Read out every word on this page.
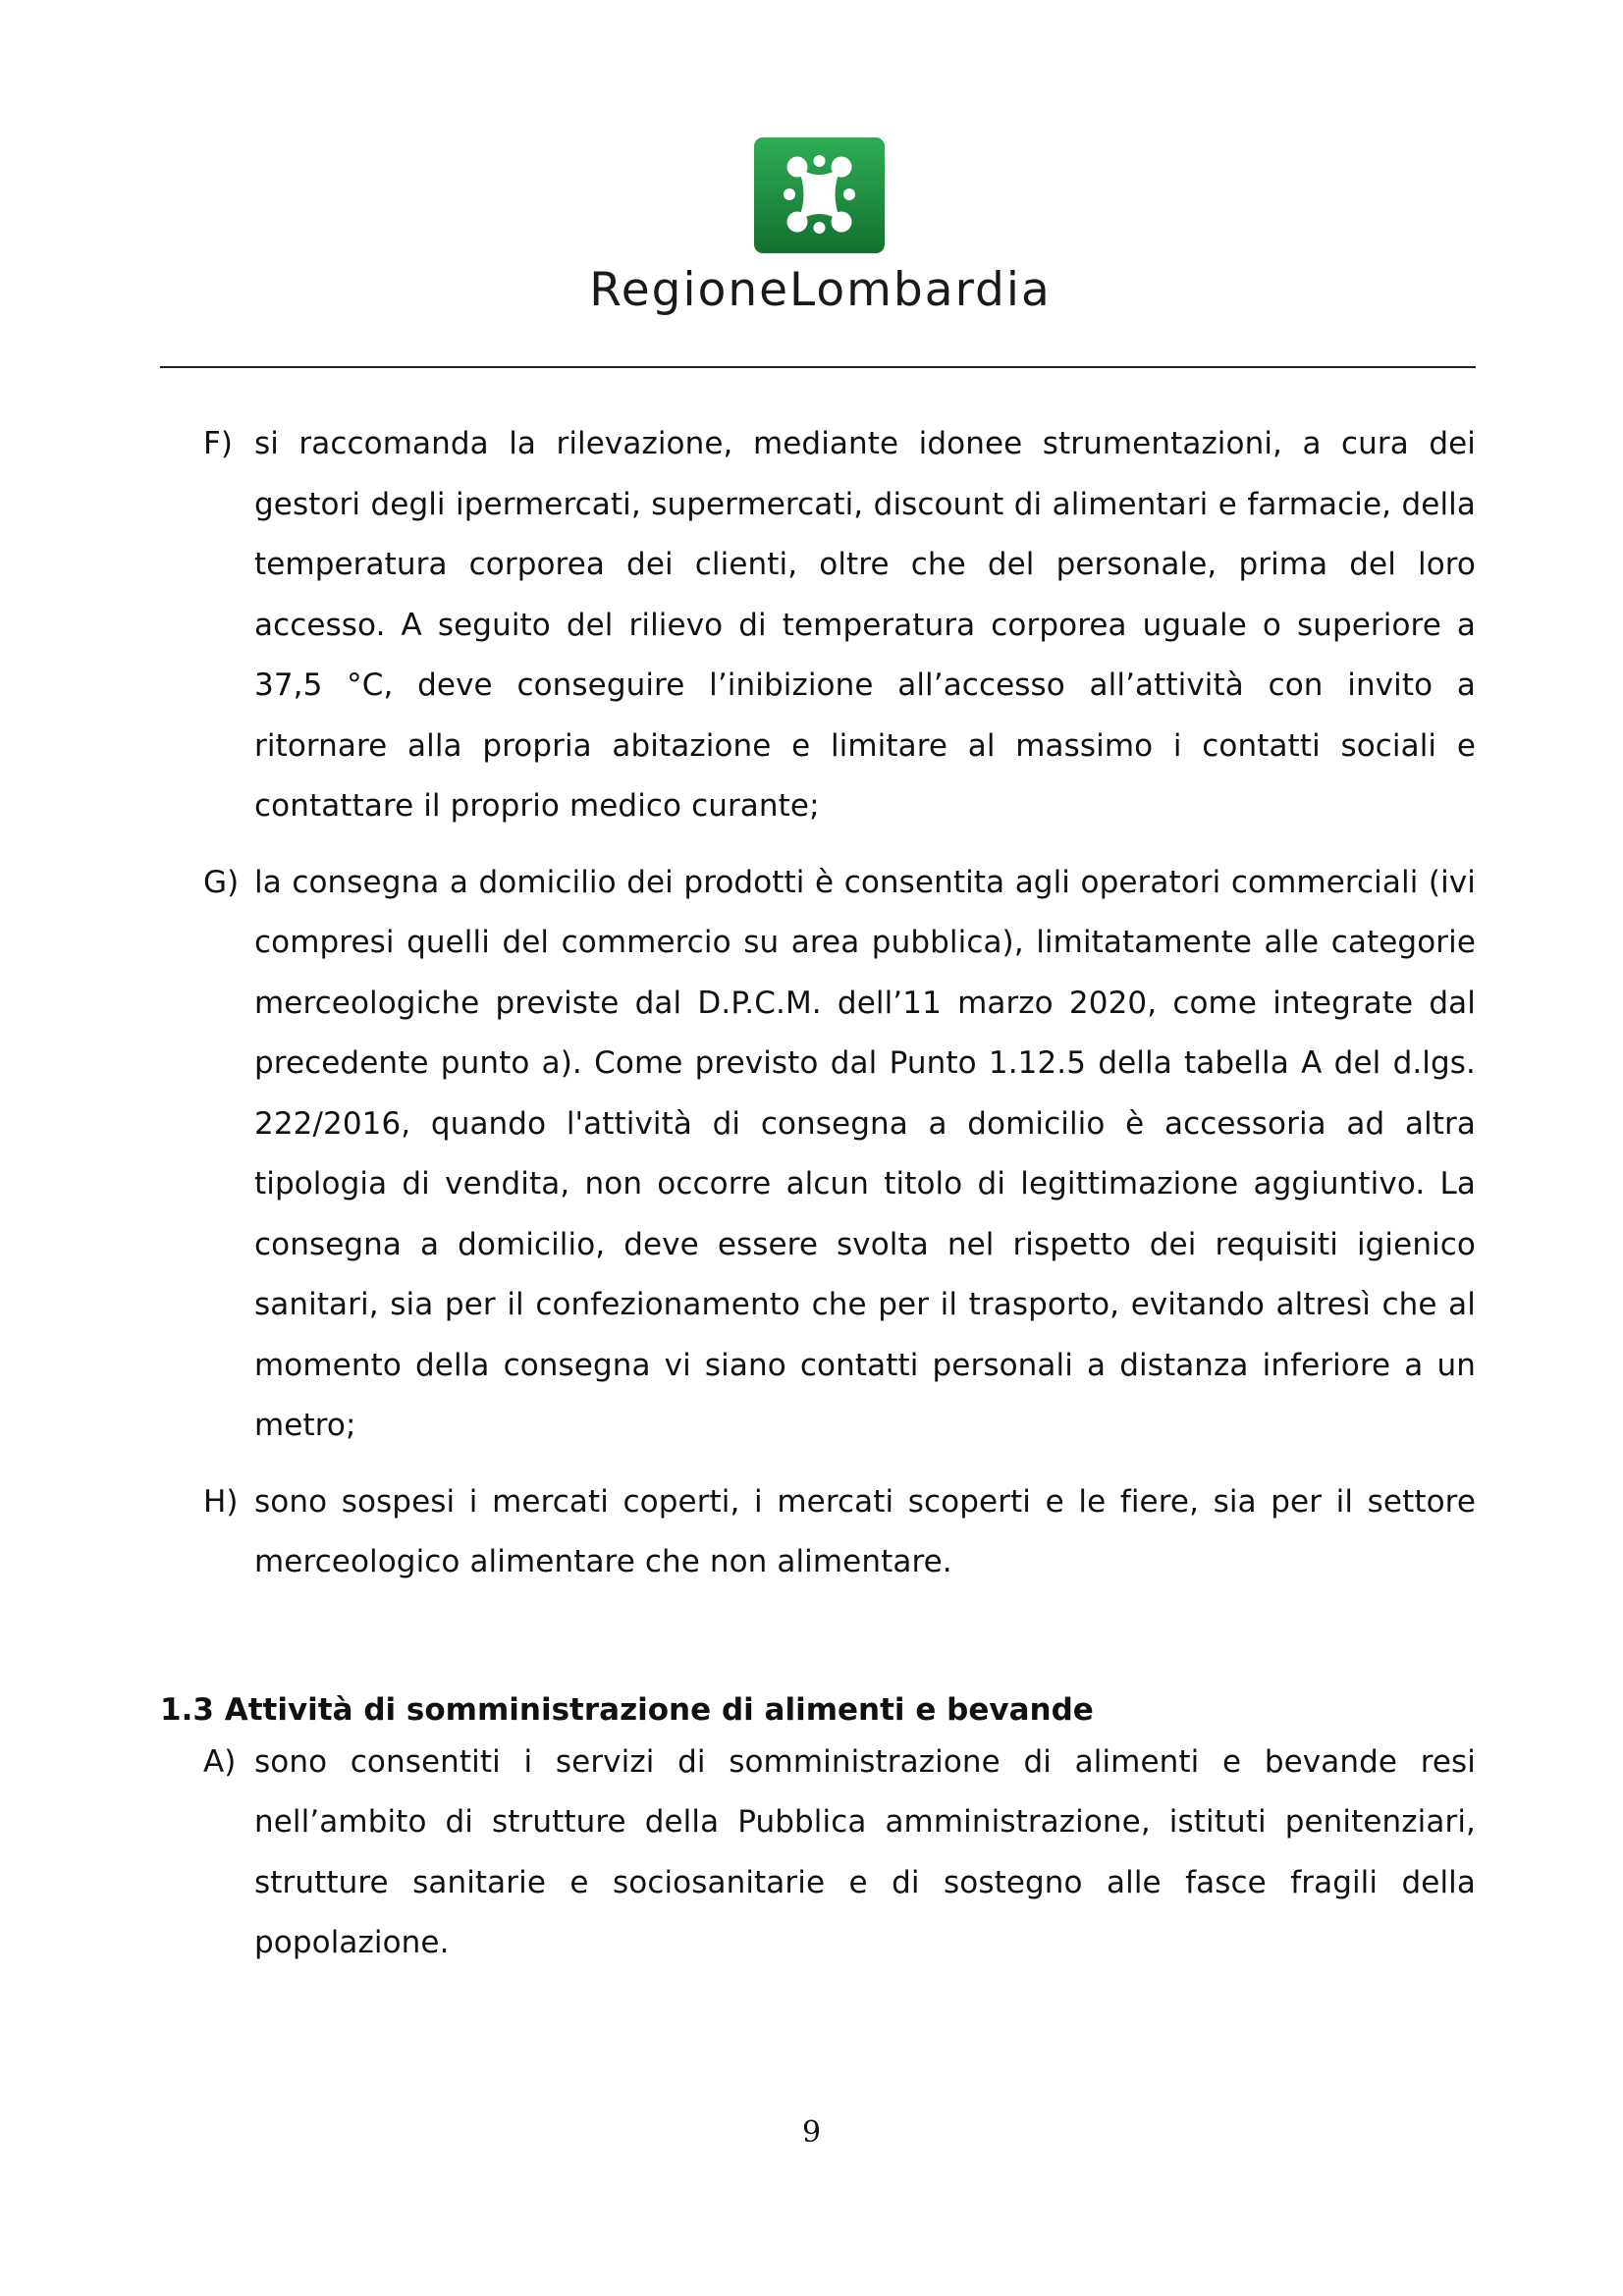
RegioneLombardia
F) si raccomanda la rilevazione, mediante idonee strumentazioni, a cura dei gestori degli ipermercati, supermercati, discount di alimentari e farmacie, della temperatura corporea dei clienti, oltre che del personale, prima del loro accesso. A seguito del rilievo di temperatura corporea uguale o superiore a 37,5 °C, deve conseguire l’inibizione all’accesso all’attività con invito a ritornare alla propria abitazione e limitare al massimo i contatti sociali e contattare il proprio medico curante;
G) la consegna a domicilio dei prodotti è consentita agli operatori commerciali (ivi compresi quelli del commercio su area pubblica), limitatamente alle categorie merceologiche previste dal D.P.C.M. dell’11 marzo 2020, come integrate dal precedente punto a). Come previsto dal Punto 1.12.5 della tabella A del d.lgs. 222/2016, quando l'attività di consegna a domicilio è accessoria ad altra tipologia di vendita, non occorre alcun titolo di legittimazione aggiuntivo. La consegna a domicilio, deve essere svolta nel rispetto dei requisiti igienico sanitari, sia per il confezionamento che per il trasporto, evitando altresì che al momento della consegna vi siano contatti personali a distanza inferiore a un metro;
H) sono sospesi i mercati coperti, i mercati scoperti e le fiere, sia per il settore merceologico alimentare che non alimentare.
1.3 Attività di somministrazione di alimenti e bevande
A) sono consentiti i servizi di somministrazione di alimenti e bevande resi nell’ambito di strutture della Pubblica amministrazione, istituti penitenziari, strutture sanitarie e sociosanitarie e di sostegno alle fasce fragili della popolazione.
9
